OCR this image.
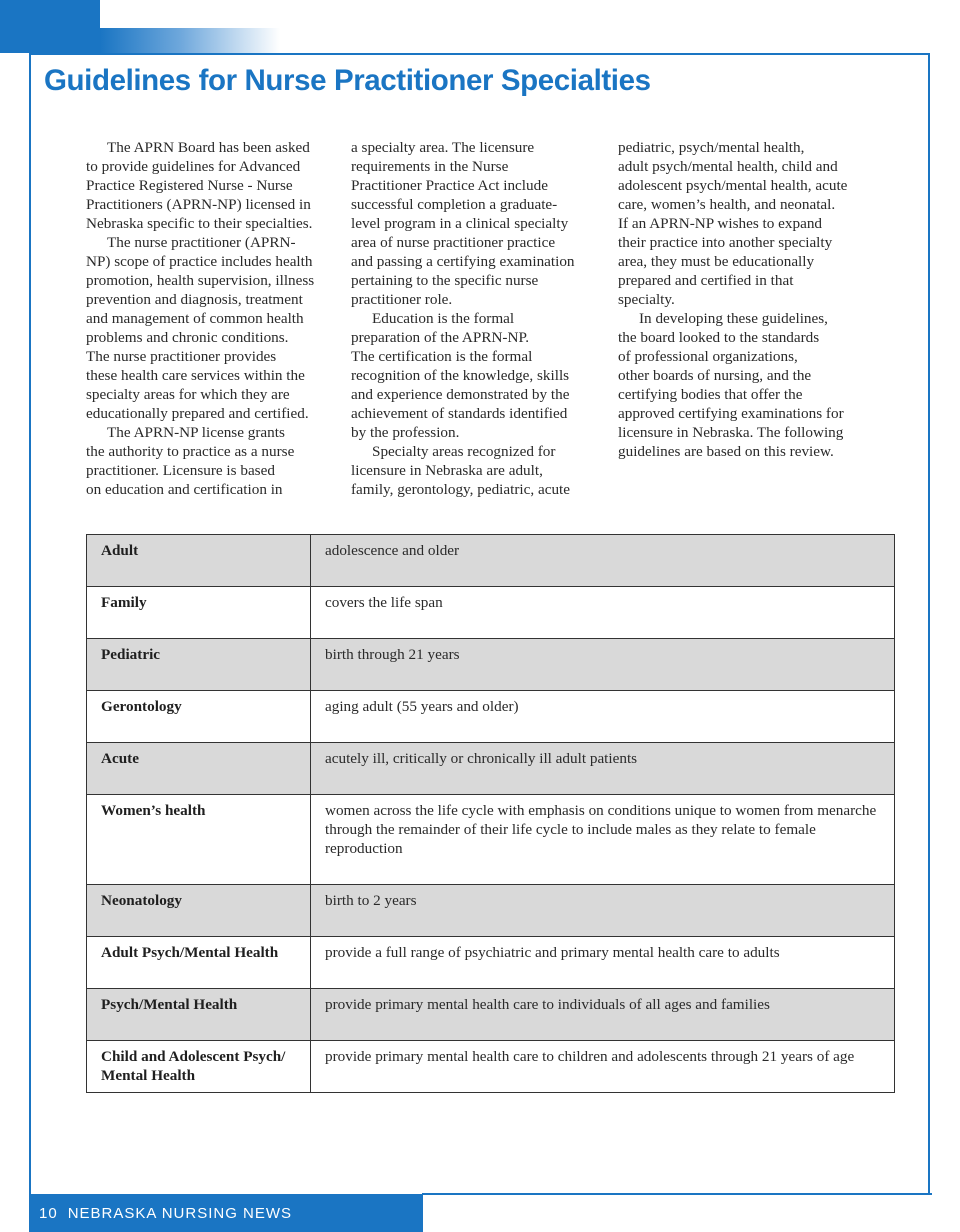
Guidelines for Nurse Practitioner Specialties
The APRN Board has been asked
to provide guidelines for Advanced
Practice Registered Nurse - Nurse
Practitioners (APRN-NP) licensed in
Nebraska specific to their specialties.
The nurse practitioner (APRN-
NP) scope of practice includes health
promotion, health supervision, illness
prevention and diagnosis, treatment
and management of common health
problems and chronic conditions.
The nurse practitioner provides
these health care services within the
specialty areas for which they are
educationally prepared and certified.
The APRN-NP license grants
the authority to practice as a nurse
practitioner. Licensure is based
on education and certification in
a specialty area. The licensure
requirements in the Nurse
Practitioner Practice Act include
successful completion a graduate-
level program in a clinical specialty
area of nurse practitioner practice
and passing a certifying examination
pertaining to the specific nurse
practitioner role.
Education is the formal
preparation of the APRN-NP.
The certification is the formal
recognition of the knowledge, skills
and experience demonstrated by the
achievement of standards identified
by the profession.
Specialty areas recognized for
licensure in Nebraska are adult,
family, gerontology, pediatric, acute
pediatric, psych/mental health,
adult psych/mental health, child and
adolescent psych/mental health, acute
care, women’s health, and neonatal.
If an APRN-NP wishes to expand
their practice into another specialty
area, they must be educationally
prepared and certified in that
specialty.
In developing these guidelines,
the board looked to the standards
of professional organizations,
other boards of nursing, and the
certifying bodies that offer the
approved certifying examinations for
licensure in Nebraska. The following
guidelines are based on this review.
Adult	adolescence and older

Family	covers the life span

Pediatric	birth through 21 years

Gerontology	aging adult (55 years and older)

Acute	acutely ill, critically or chronically ill adult patients

Women’s health	women across the life cycle with emphasis on conditions unique to women from menarche
through the remainder of their life cycle to include males as they relate to female
reproduction

Neonatology	birth to 2 years

Adult Psych/Mental Health	provide a full range of psychiatric and primary mental health care to adults

Psych/Mental Health	provide primary mental health care to individuals of all ages and families

Child and Adolescent Psych/
Mental Health	provide primary mental health care to children and adolescents through 21 years of age
10 NEBRASKA NURSING NEWS
